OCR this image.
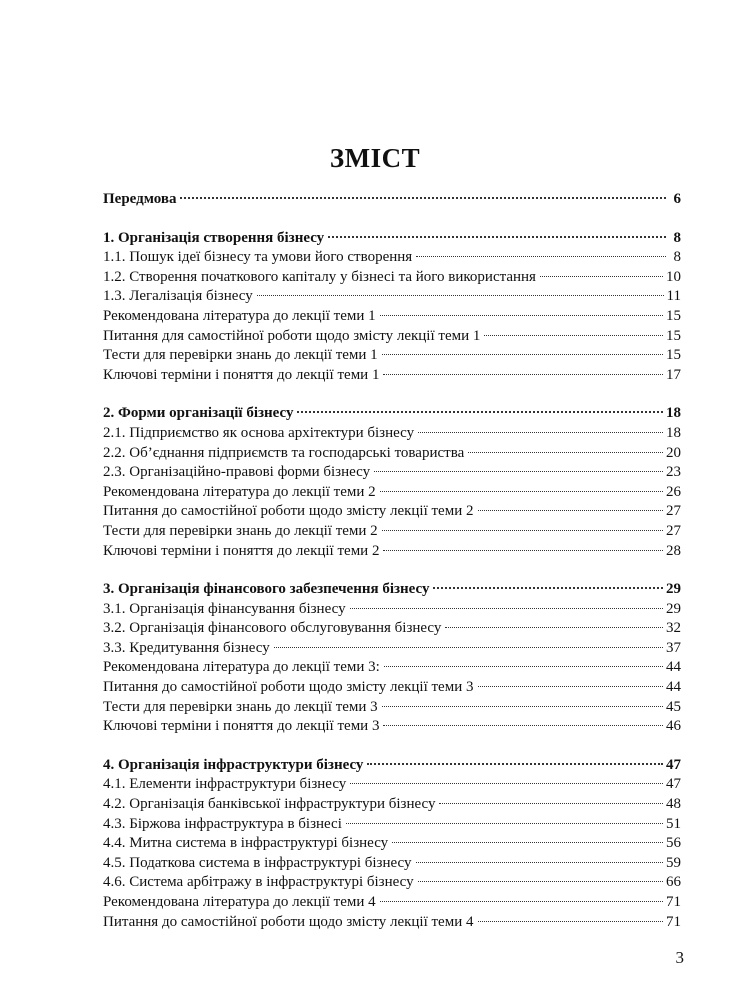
ЗМІСТ
Передмова	6
1. Організація створення бізнесу	8
1.1. Пошук ідеї бізнесу та умови його створення	8
1.2. Створення початкового капіталу у бізнесі та його використання	10
1.3. Легалізація бізнесу	11
Рекомендована література до лекції теми 1	15
Питання для самостійної роботи щодо змісту лекції теми 1	15
Тести для перевірки знань до лекції теми 1	15
Ключові терміни і поняття до лекції теми 1	17
2. Форми організації бізнесу	18
2.1. Підприємство як основа архітектури бізнесу	18
2.2. Об’єднання підприємств та господарські товариства	20
2.3. Організаційно-правові форми бізнесу	23
Рекомендована література до лекції теми 2	26
Питання до самостійної роботи щодо змісту лекції теми 2	27
Тести для перевірки знань до лекції теми 2	27
Ключові терміни і поняття до лекції теми 2	28
3. Організація фінансового забезпечення бізнесу	29
3.1. Організація фінансування бізнесу	29
3.2. Організація фінансового обслуговування бізнесу	32
3.3. Кредитування бізнесу	37
Рекомендована література до лекції теми 3:	44
Питання до самостійної роботи щодо змісту лекції теми 3	44
Тести для перевірки знань до лекції теми 3	45
Ключові терміни і поняття до лекції теми 3	46
4. Організація інфраструктури бізнесу	47
4.1. Елементи інфраструктури бізнесу	47
4.2. Організація банківської інфраструктури бізнесу	48
4.3. Біржова інфраструктура в бізнесі	51
4.4. Митна система в інфраструктурі бізнесу	56
4.5. Податкова система в інфраструктурі бізнесу	59
4.6. Система арбітражу в інфраструктурі бізнесу	66
Рекомендована література до лекції теми 4	71
Питання до самостійної роботи щодо змісту лекції теми 4	71
3
